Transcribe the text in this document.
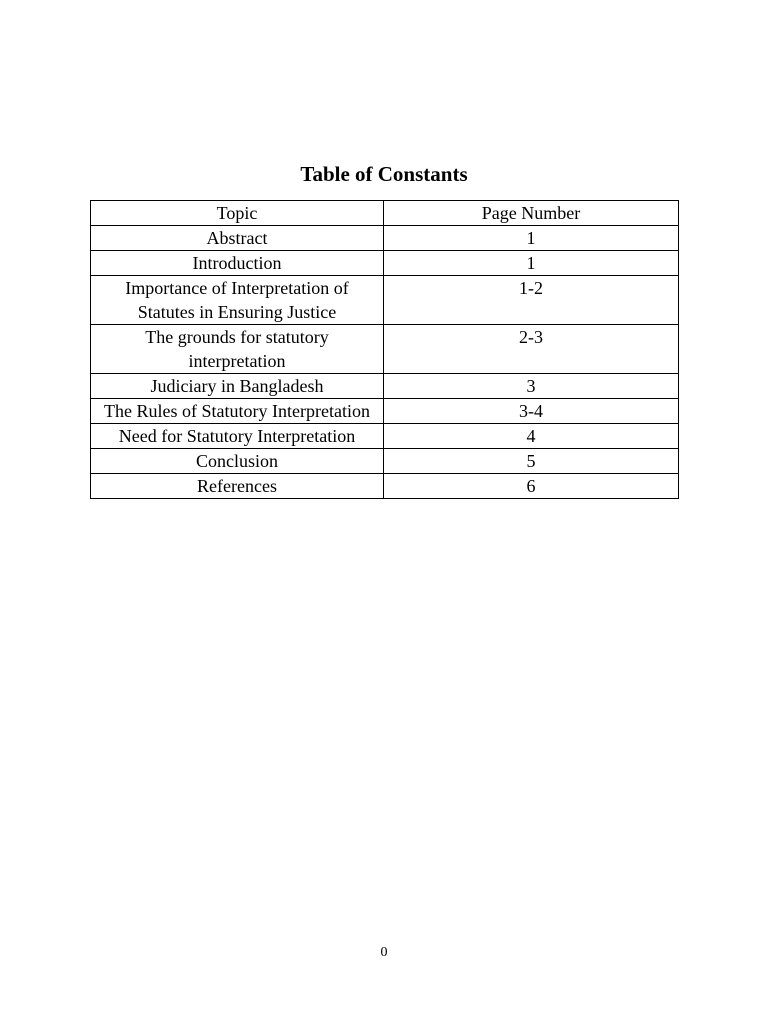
Table of Constants
Topic	Page Number
Abstract	1
Introduction	1
Importance of Interpretation of Statutes in Ensuring Justice	1-2
The grounds for statutory interpretation	2-3
Judiciary in Bangladesh	3
The Rules of Statutory Interpretation	3-4
Need for Statutory Interpretation	4
Conclusion	5
References	6
0
